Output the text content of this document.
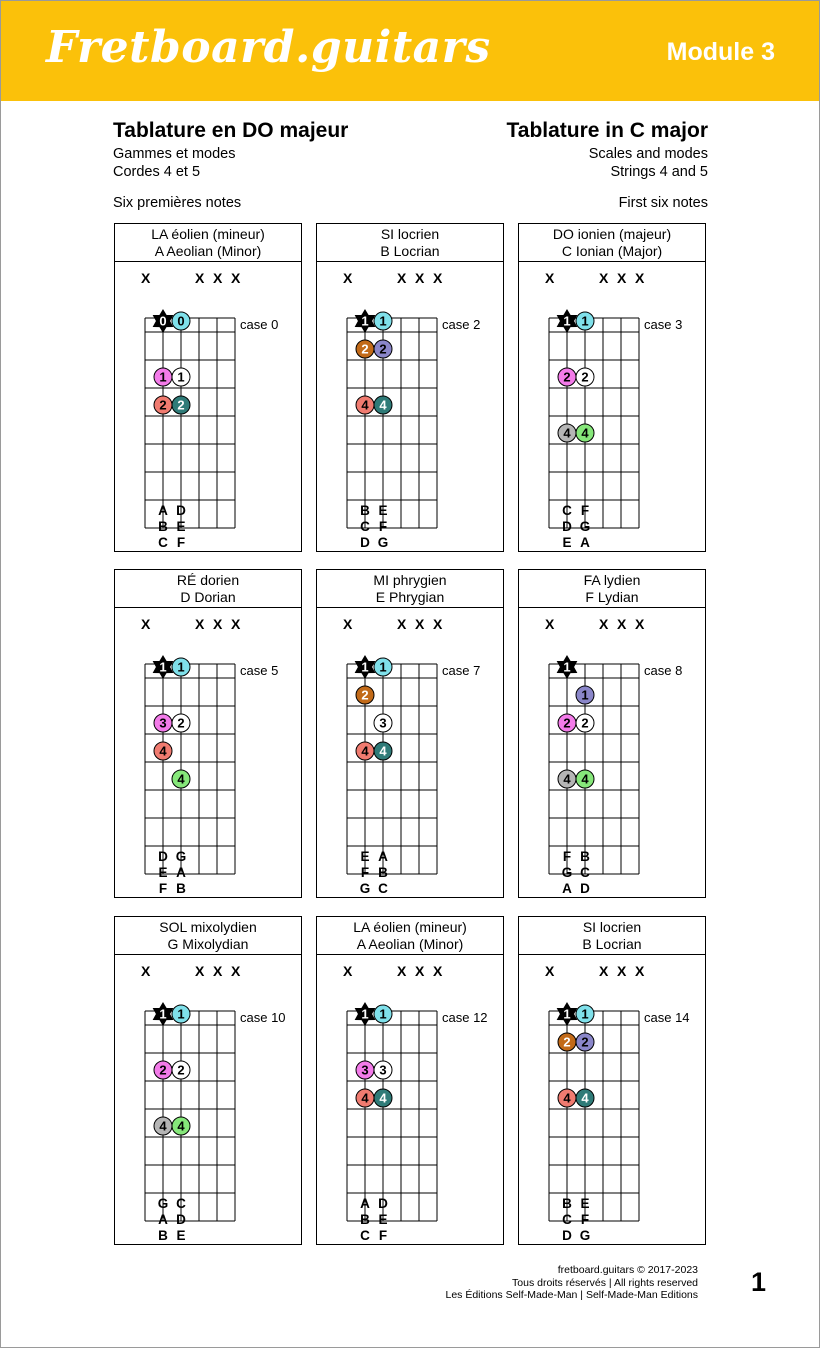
Fretboard.guitars	Module 3
Tablature en DO majeur	Tablature in C major
Gammes et modes
Cordes 4 et 5
Six premières notes
Scales and modes
Strings 4 and 5
First six notes
LA éolien (mineur)
A Aeolian (Minor)
X	X X X
case 0
0 0
1 1
2 2
A D
B E
C F
SI locrien
B Locrian
X	X X X
case 2
1 1
2 2
4 4
B E
C F
D G
DO ionien (majeur)
C Ionian (Major)
X	X X X
case 3
1 1
2 2
4 4
C F
D G
E A
RÉ dorien
D Dorian
X	X X X
case 5
1 1
3 2
4
4
D G
E A
F B
MI phrygien
E Phrygian
X	X X X
case 7
1 1
2
3
4 4
E A
F B
G C
FA lydien
F Lydian
X	X X X
case 8
1
1
2 2
4 4
F B
G C
A D
SOL mixolydien
G Mixolydian
X	X X X
case 10
1 1
2 2
4 4
G C
A D
B E
LA éolien (mineur)
A Aeolian (Minor)
X	X X X
case 12
1 1
3 3
4 4
A D
B E
C F
SI locrien
B Locrian
X	X X X
case 14
1 1
2 2
4 4
B E
C F
D G
fretboard.guitars © 2017-2023
Tous droits réservés | All rights reserved
Les Éditions Self-Made-Man | Self-Made-Man Editions 1
